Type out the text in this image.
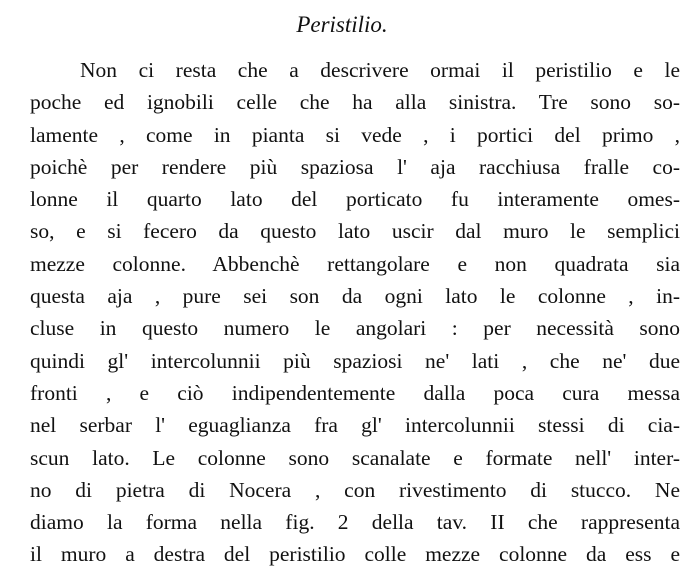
Peristilio.
Non ci resta che a descrivere ormai il peristilio e le
poche ed ignobili celle che ha alla sinistra. Tre sono so-
lamente , come in pianta si vede , i portici del primo ,
poichè per rendere più spaziosa l' aja racchiusa fralle co-
lonne il quarto lato del porticato fu interamente omes-
so, e si fecero da questo lato uscir dal muro le semplici
mezze colonne. Abbenchè rettangolare e non quadrata sia
questa aja , pure sei son da ogni lato le colonne , in-
cluse in questo numero le angolari : per necessità sono
quindi gl' intercolunnii più spaziosi ne' lati , che ne' due
fronti , e ciò indipendentemente dalla poca cura messa
nel serbar l' eguaglianza fra gl' intercolunnii stessi di cia-
scun lato. Le colonne sono scanalate e formate nell' inter-
no di pietra di Nocera , con rivestimento di stucco. Ne
diamo la forma nella fig. 2 della tav. II che rappresenta
il muro a destra del peristilio colle mezze colonne da ess e
